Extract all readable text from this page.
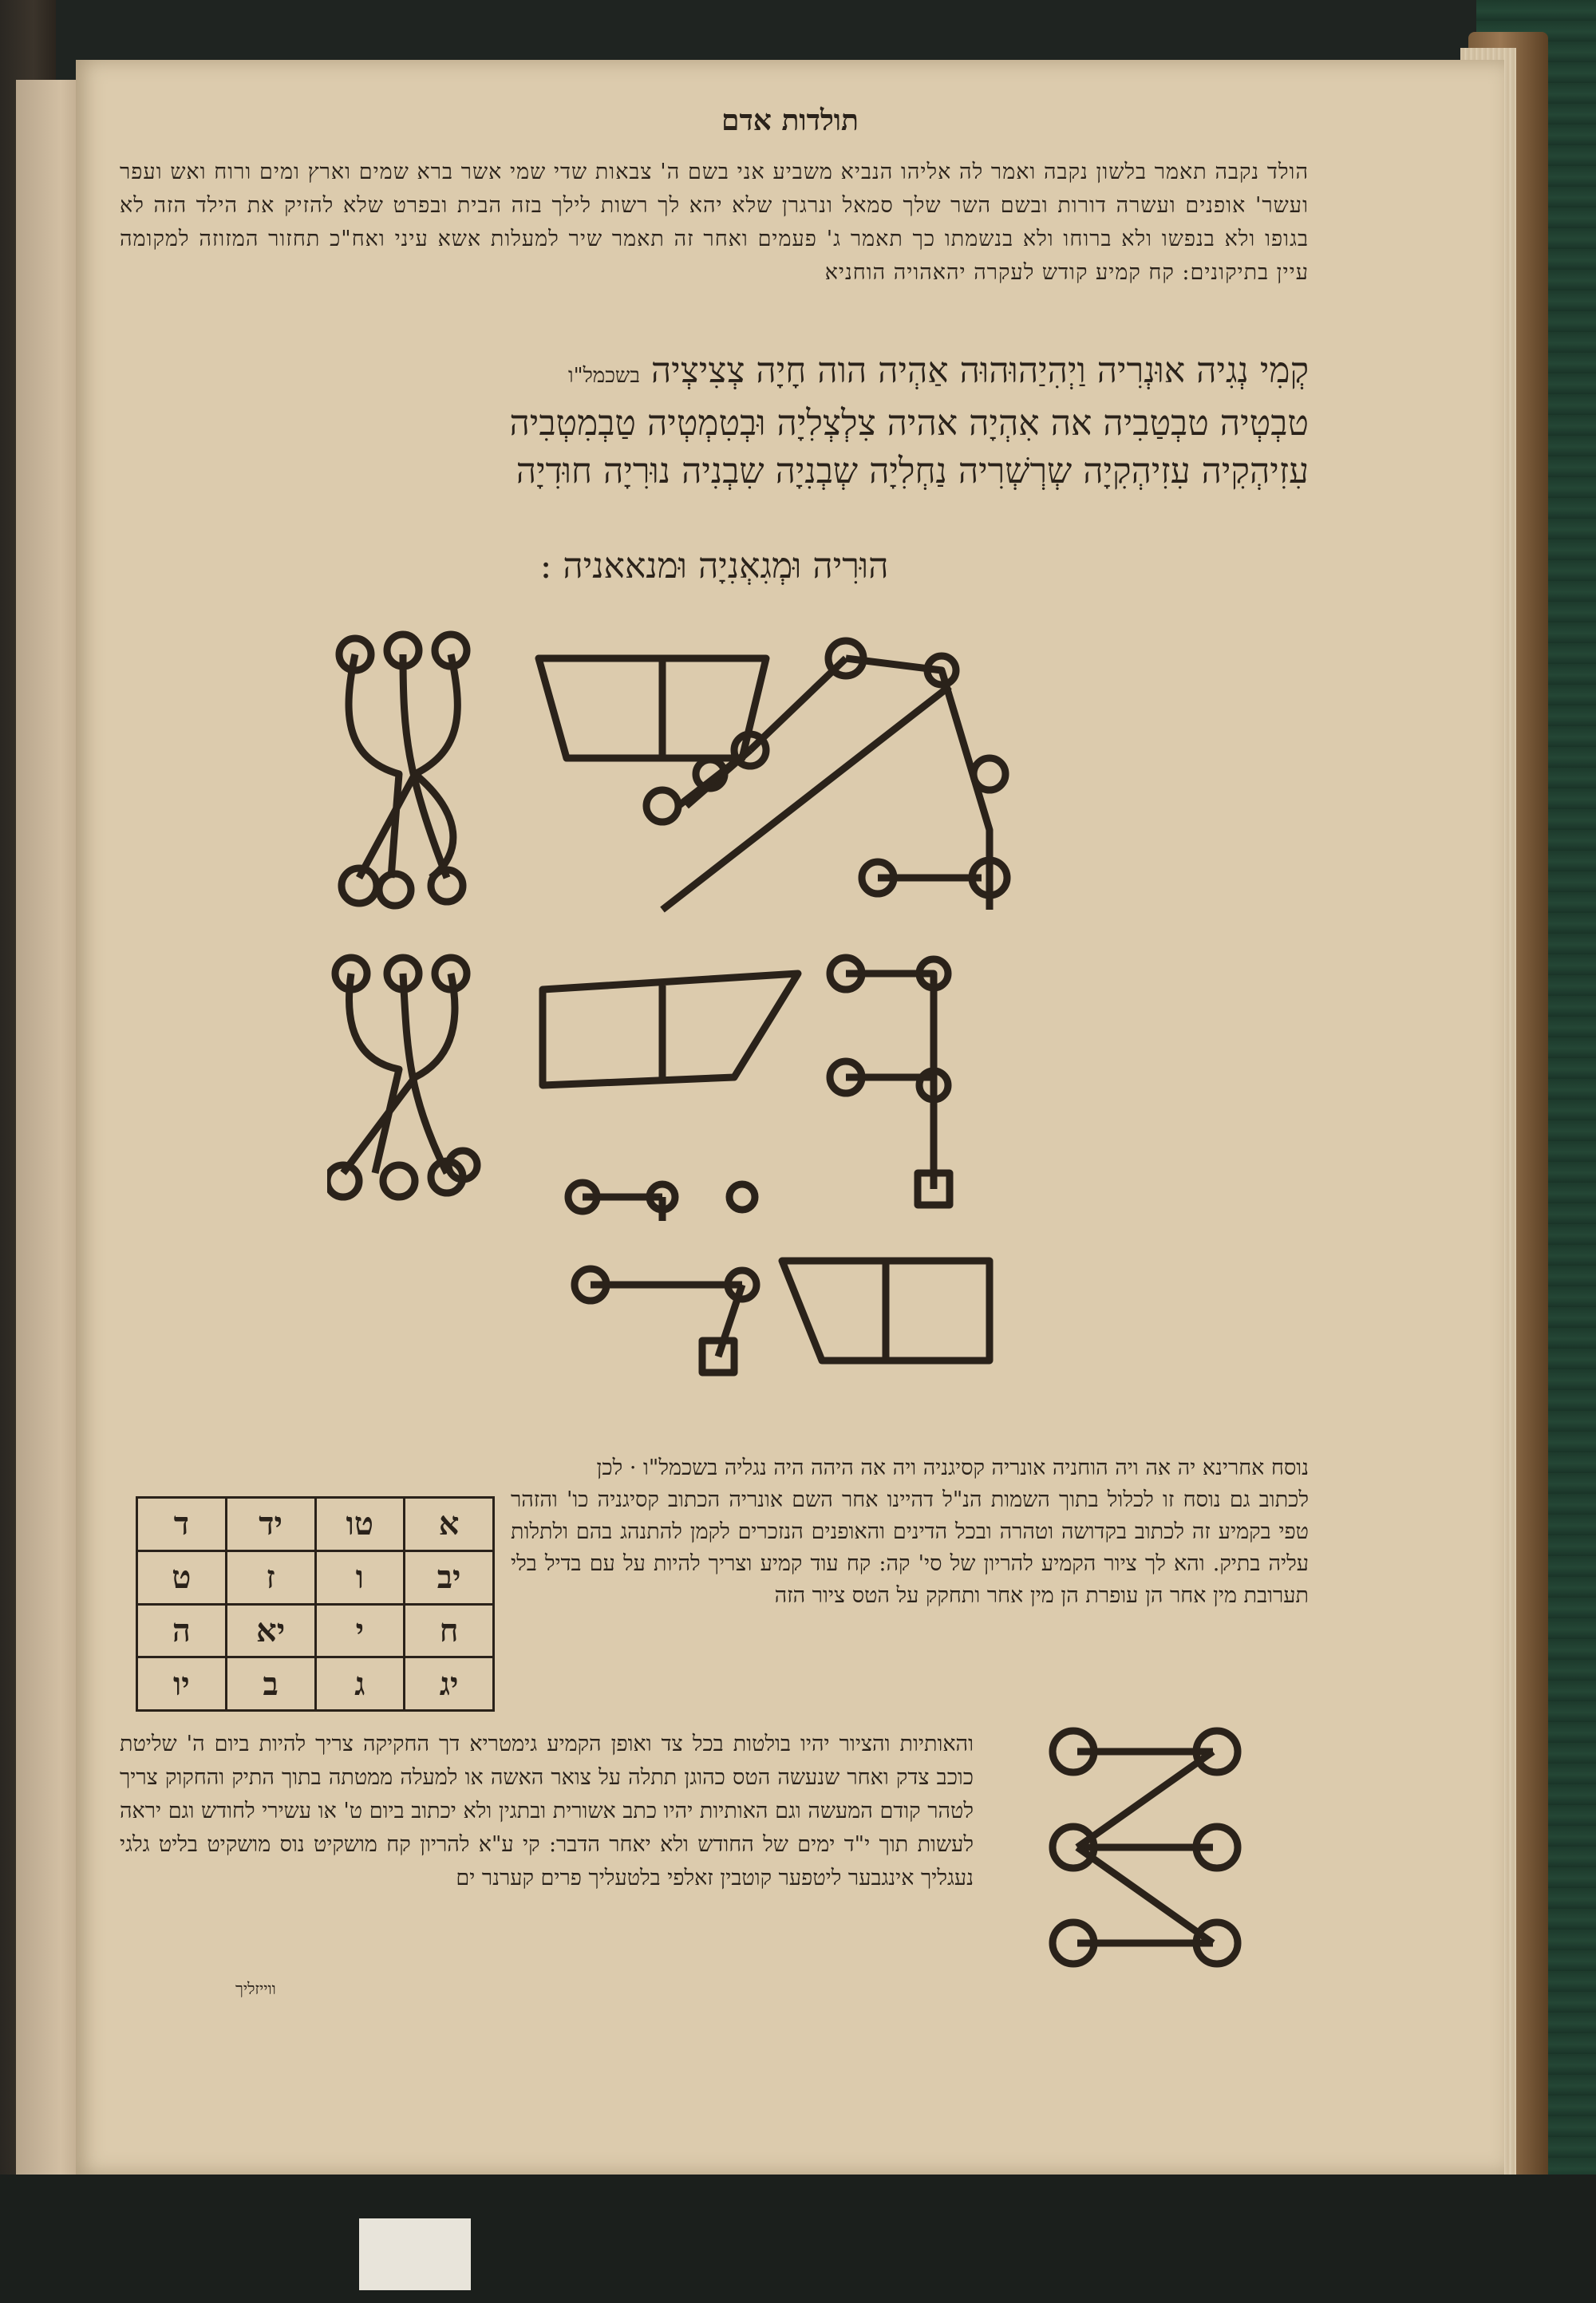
תולדות אדם
הולד נקבה תאמר בלשון נקבה ואמר לה אליהו הנביא משביע אני בשם ה' צבאות שדי שמי אשר ברא שמים וארץ ומים ורוח ואש ועפר ועשר' אופנים ועשרה דורות ובשם השר שלך סמאל ונרגרן שלא יהא לך רשות לילך בזה הבית ובפרט שלא להזיק את הילד הזה לא בגופו ולא בנפשו ולא ברוחו ולא בנשמתו כך תאמר ג' פעמים ואחר זה תאמר שיר למעלות אשא עיני ואח"כ תחזור המזוזה למקומה עיין בתיקונים: קח קמיע קודש לעקרה יהאהויה הוחניא
קְמִי נְגִיה אוּנְרִיה וַיְהִיַהוּהוּה אַהְיה הוה חָיָה צְצִיצְיה בשכמל"ו
טבְטְיה טבְטַבִיה אה אִהְיָה אהיה צִלְצְלִיָה וּבְטִמְטְיה טַבְמִטְבִיה
עִזִיהְקִיה עִזִיהְקִיָה שְרְשְׁרִיה נַחְלִיָה שְבְנִיָה שִבְנִיה נוּרִיָה חוּדִיָה
הוּרִיה וּמְגִאְנִיָה וּמנאאניה :
נוסח אחרינא יה אה ויה הוחניה אונריה קסיגניה ויה אה היהה היה נגליה בשכמל"ו · לכן
א	טו	יד	ד
יב	ו	ז	ט
ח	י	יא	ה
יג	ג	ב	יו
לכתוב גם נוסח זו לכלול בתוך השמות הנ"ל דהיינו אחר השם אונריה הכתוב קסיגניה כו' והזהר טפי בקמיע זה לכתוב בקדושה וטהרה ובכל הדינים והאופנים הנזכרים לקמן להתנהג בהם ולתלות עליה בתיק. והא לך ציור הקמיע להריון של סי' קה: קח עוד קמיע וצריך להיות על עם בדיל בלי תערובת מין אחר הן עופרת הן מין אחר ותחקק על הטס ציור הזה
והאותיות והציור יהיו בולטות בכל צד ואופן הקמיע גימטריא דך החקיקה צריך להיות ביום ה' שליטת כוכב צדק ואחר שנעשה הטס כהוגן תתלה על צואר האשה או למעלה ממטתה בתוך התיק והחקוק צריך לטהר קודם המעשה וגם האותיות יהיו כתב אשורית ובתגין ולא יכתוב ביום ט' או עשירי לחודש וגם יראה לעשות תוך י"ד ימים של החודש ולא יאחר הדבר: קי ע"א להריון קח מושקיט נוס מושקיט בליט גלגי נעגליך אינגבער ליטפער קוטבין זאלפי בלטעליך פרים קערנר ים
ווייזליך
